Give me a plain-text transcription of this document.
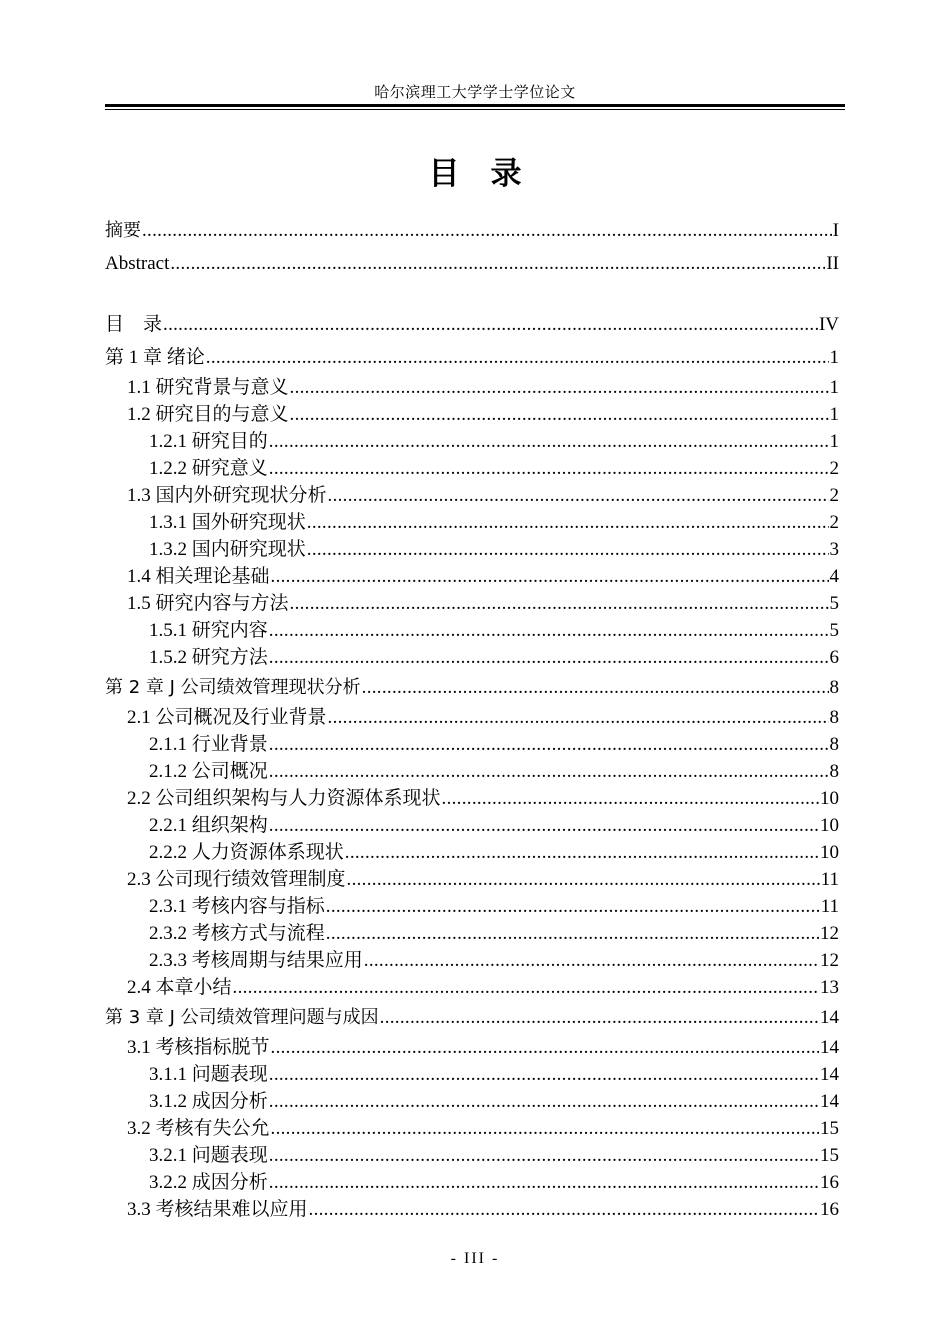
哈尔滨理工大学学士学位论文
目　录
摘要 .....	I
Abstract .....	II
目　录 .....	IV
第 1 章 绪论 .....	1
1.1 研究背景与意义 .....	1
1.2 研究目的与意义 .....	1
1.2.1 研究目的 .....	1
1.2.2 研究意义 .....	2
1.3 国内外研究现状分析 .....	2
1.3.1 国外研究现状 .....	2
1.3.2 国内研究现状 .....	3
1.4 相关理论基础 .....	4
1.5 研究内容与方法 .....	5
1.5.1 研究内容 .....	5
1.5.2 研究方法 .....	6
第 2 章 J 公司绩效管理现状分析 .....	8
2.1 公司概况及行业背景 .....	8
2.1.1 行业背景 .....	8
2.1.2 公司概况 .....	8
2.2 公司组织架构与人力资源体系现状 .....	10
2.2.1 组织架构 .....	10
2.2.2 人力资源体系现状 .....	10
2.3 公司现行绩效管理制度 .....	11
2.3.1 考核内容与指标 .....	11
2.3.2 考核方式与流程 .....	12
2.3.3 考核周期与结果应用 .....	12
2.4 本章小结 .....	13
第 3 章 J 公司绩效管理问题与成因 .....	14
3.1 考核指标脱节 .....	14
3.1.1 问题表现 .....	14
3.1.2 成因分析 .....	14
3.2 考核有失公允 .....	15
3.2.1 问题表现 .....	15
3.2.2 成因分析 .....	16
3.3 考核结果难以应用 .....	16
- III -
